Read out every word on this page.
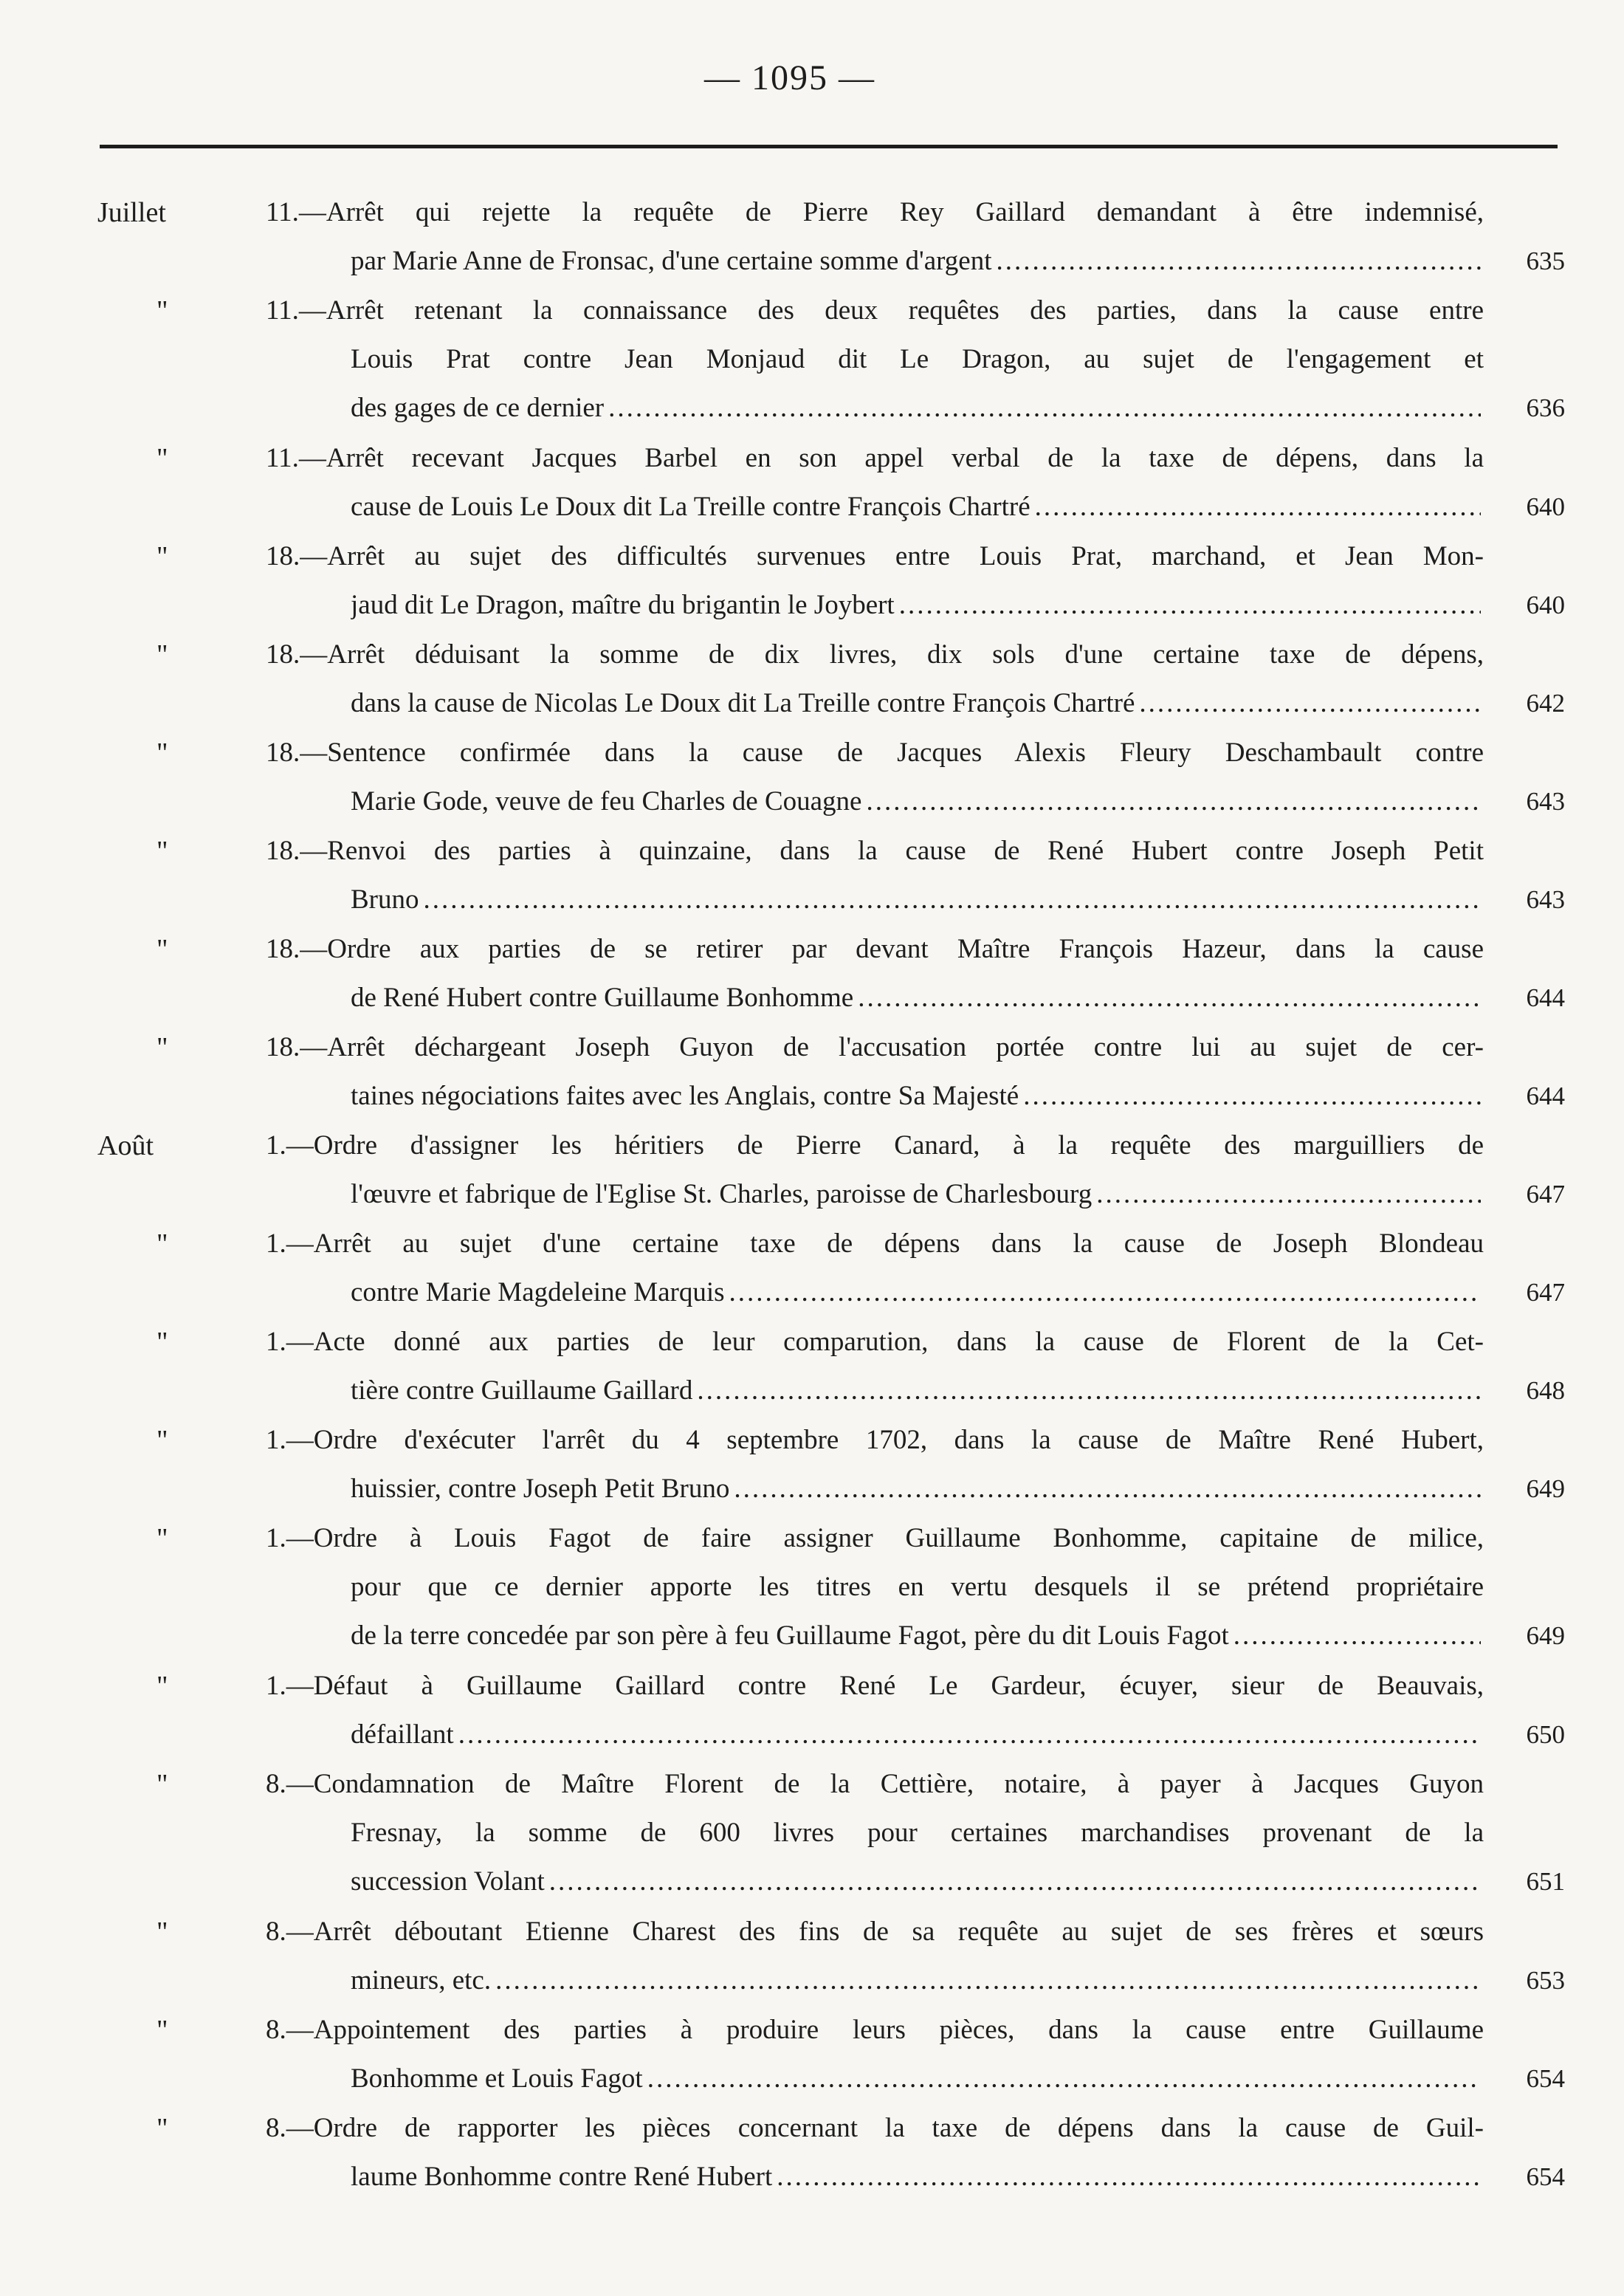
— 1095 —
Juillet	11.—Arrêt qui rejette la requête de Pierre Rey Gaillard demandant à être indemnisé,
par Marie Anne de Fronsac, d'une certaine somme d'argent .....	635
"	11.—Arrêt retenant la connaissance des deux requêtes des parties, dans la cause entre
Louis Prat contre Jean Monjaud dit Le Dragon, au sujet de l'engagement et
des gages de ce dernier .....	636
"	11.—Arrêt recevant Jacques Barbel en son appel verbal de la taxe de dépens, dans la
cause de Louis Le Doux dit La Treille contre François Chartré .....	640
"	18.—Arrêt au sujet des difficultés survenues entre Louis Prat, marchand, et Jean Mon-
jaud dit Le Dragon, maître du brigantin le Joybert .....	640
"	18.—Arrêt déduisant la somme de dix livres, dix sols d'une certaine taxe de dépens,
dans la cause de Nicolas Le Doux dit La Treille contre François Chartré .....	642
"	18.—Sentence confirmée dans la cause de Jacques Alexis Fleury Deschambault contre
Marie Gode, veuve de feu Charles de Couagne .....	643
"	18.—Renvoi des parties à quinzaine, dans la cause de René Hubert contre Joseph Petit
Bruno .....	643
"	18.—Ordre aux parties de se retirer par devant Maître François Hazeur, dans la cause
de René Hubert contre Guillaume Bonhomme .....	644
"	18.—Arrêt déchargeant Joseph Guyon de l'accusation portée contre lui au sujet de cer-
taines négociations faites avec les Anglais, contre Sa Majesté .....	644
Août	1.—Ordre d'assigner les héritiers de Pierre Canard, à la requête des marguilliers de
l'œuvre et fabrique de l'Eglise St. Charles, paroisse de Charlesbourg .....	647
"	1.—Arrêt au sujet d'une certaine taxe de dépens dans la cause de Joseph Blondeau
contre Marie Magdeleine Marquis .....	647
"	1.—Acte donné aux parties de leur comparution, dans la cause de Florent de la Cet-
tière contre Guillaume Gaillard .....	648
"	1.—Ordre d'exécuter l'arrêt du 4 septembre 1702, dans la cause de Maître René Hubert,
huissier, contre Joseph Petit Bruno .....	649
"	1.—Ordre à Louis Fagot de faire assigner Guillaume Bonhomme, capitaine de milice,
pour que ce dernier apporte les titres en vertu desquels il se prétend propriétaire
de la terre concedée par son père à feu Guillaume Fagot, père du dit Louis Fagot .....	649
"	1.—Défaut à Guillaume Gaillard contre René Le Gardeur, écuyer, sieur de Beauvais,
défaillant .....	650
"	8.—Condamnation de Maître Florent de la Cettière, notaire, à payer à Jacques Guyon
Fresnay, la somme de 600 livres pour certaines marchandises provenant de la
succession Volant .....	651
"	8.—Arrêt déboutant Etienne Charest des fins de sa requête au sujet de ses frères et sœurs
mineurs, etc. .....	653
"	8.—Appointement des parties à produire leurs pièces, dans la cause entre Guillaume
Bonhomme et Louis Fagot .....	654
"	8.—Ordre de rapporter les pièces concernant la taxe de dépens dans la cause de Guil-
laume Bonhomme contre René Hubert .....	654
